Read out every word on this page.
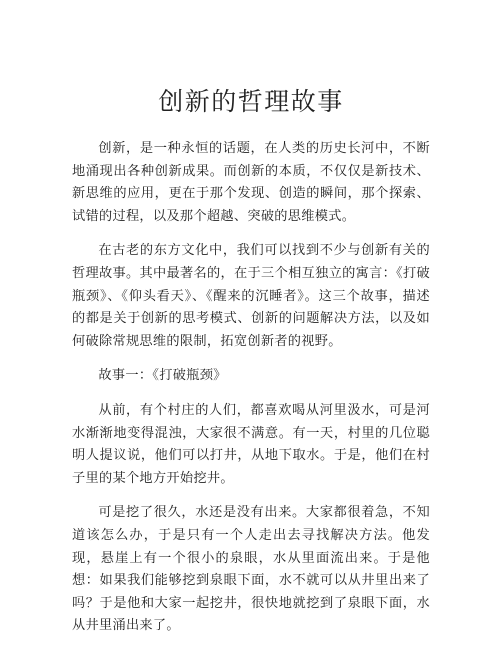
创新的哲理故事

创新，是一种永恒的话题，在人类的历史长河中，不断地涌现出各种创新成果。而创新的本质，不仅仅是新技术、新思维的应用，更在于那个发现、创造的瞬间，那个探索、试错的过程，以及那个超越、突破的思维模式。

在古老的东方文化中，我们可以找到不少与创新有关的哲理故事。其中最著名的，在于三个相互独立的寓言：《打破瓶颈》、《仰头看天》、《醒来的沉睡者》。这三个故事，描述的都是关于创新的思考模式、创新的问题解决方法，以及如何破除常规思维的限制，拓宽创新者的视野。

故事一：《打破瓶颈》

从前，有个村庄的人们，都喜欢喝从河里汲水，可是河水渐渐地变得混浊，大家很不满意。有一天，村里的几位聪明人提议说，他们可以打井，从地下取水。于是，他们在村子里的某个地方开始挖井。

可是挖了很久，水还是没有出来。大家都很着急，不知道该怎么办，于是只有一个人走出去寻找解决方法。他发现，悬崖上有一个很小的泉眼，水从里面流出来。于是他想：如果我们能够挖到泉眼下面，水不就可以从井里出来了吗？于是他和大家一起挖井，很快地就挖到了泉眼下面，水从井里涌出来了。
